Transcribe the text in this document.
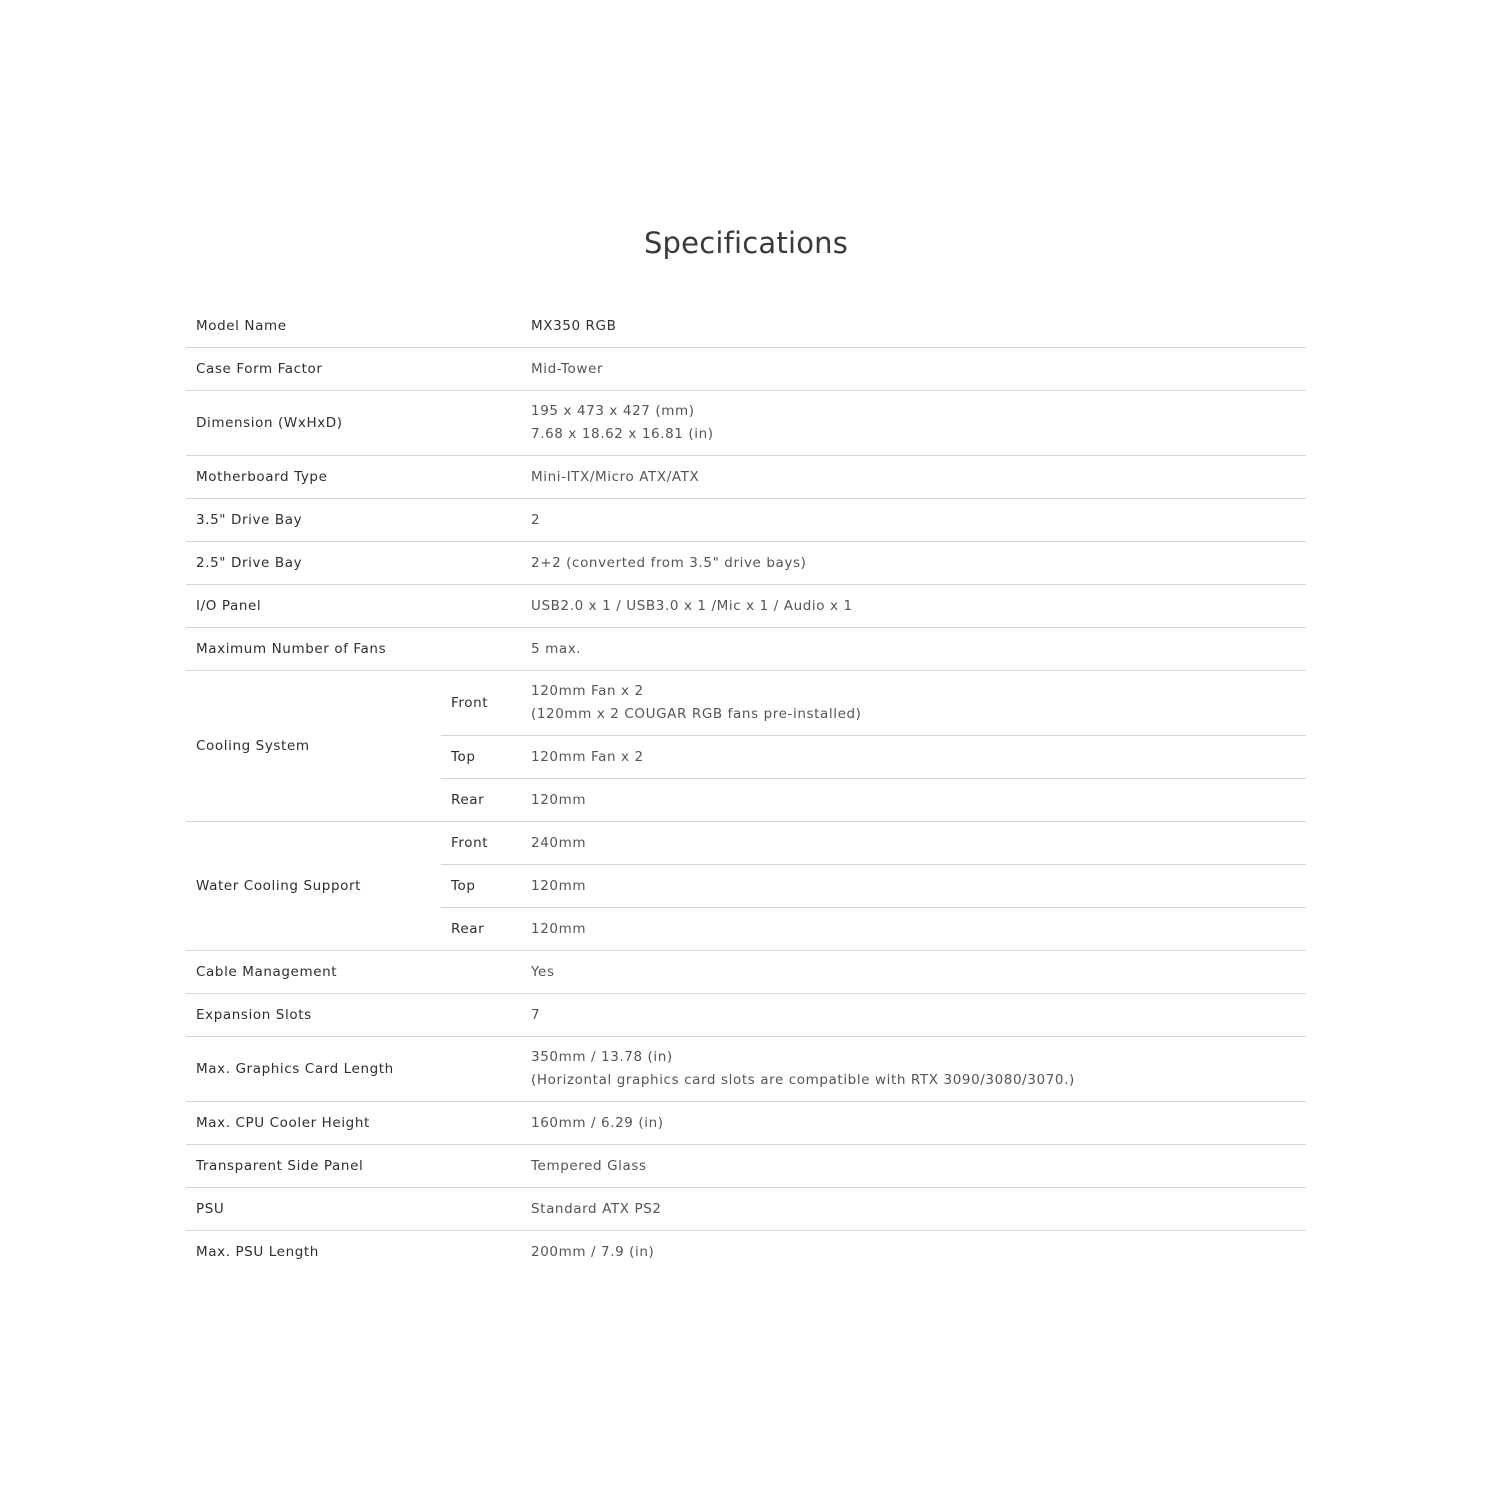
Specifications
Model Name		MX350 RGB
Case Form Factor		Mid-Tower
Dimension (WxHxD)		195 x 473 x 427 (mm)
7.68 x 18.62 x 16.81 (in)

Motherboard Type		Mini-ITX/Micro ATX/ATX
3.5" Drive Bay		2
2.5" Drive Bay		2+2 (converted from 3.5" drive bays)
I/O Panel		USB2.0 x 1 / USB3.0 x 1 /Mic x 1 / Audio x 1
Maximum Number of Fans		5 max.
Cooling System	Front	120mm Fan x 2
(120mm x 2 COUGAR RGB fans pre-installed)

	Top	120mm Fan x 2
	Rear	120mm
Water Cooling Support	Front	240mm
	Top	120mm
	Rear	120mm
Cable Management		Yes
Expansion Slots		7
Max. Graphics Card Length		350mm / 13.78 (in)
(Horizontal graphics card slots are compatible with RTX 3090/3080/3070.)

Max. CPU Cooler Height		160mm / 6.29 (in)
Transparent Side Panel		Tempered Glass
PSU		Standard ATX PS2
Max. PSU Length		200mm / 7.9 (in)
